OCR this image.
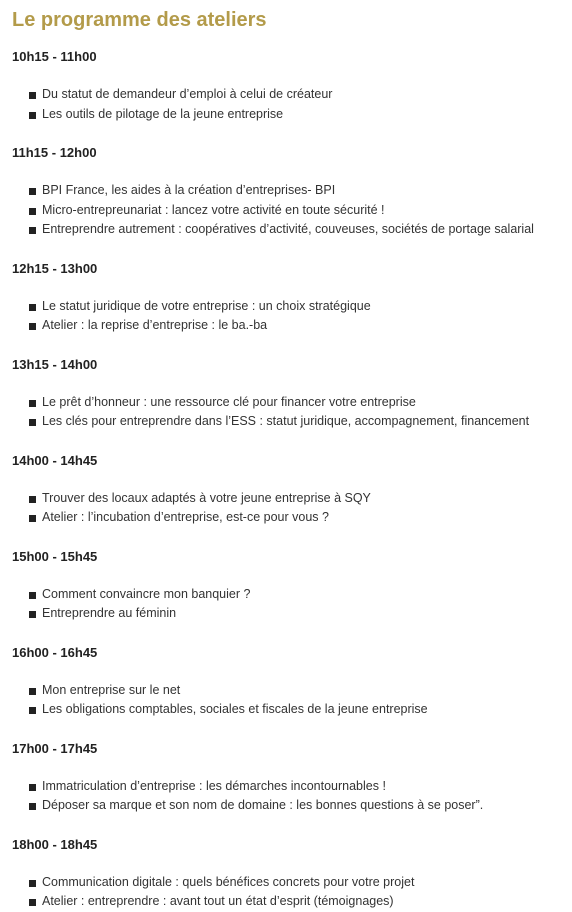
Le programme des ateliers
10h15 - 11h00
Du statut de demandeur d’emploi à celui de créateur
Les outils de pilotage de la jeune entreprise
11h15 - 12h00
BPI France, les aides à la création d’entreprises- BPI
Micro-entrepreunariat : lancez votre activité en toute sécurité !
Entreprendre autrement : coopératives d’activité, couveuses, sociétés de portage salarial
12h15 - 13h00
Le statut juridique de votre entreprise : un choix stratégique
Atelier : la reprise d’entreprise : le ba.-ba
13h15 - 14h00
Le prêt d’honneur : une ressource clé pour financer votre entreprise
Les clés pour entreprendre dans l’ESS : statut juridique, accompagnement, financement
14h00 - 14h45
Trouver des locaux adaptés à votre jeune entreprise à SQY
Atelier : l’incubation d’entreprise, est-ce pour vous ?
15h00 - 15h45
Comment convaincre mon banquier ?
Entreprendre au féminin
16h00 - 16h45
Mon entreprise sur le net
Les obligations comptables, sociales et fiscales de la jeune entreprise
17h00 - 17h45
Immatriculation d’entreprise : les démarches incontournables !
Déposer sa marque et son nom de domaine : les bonnes questions à se poser”.
18h00 - 18h45
Communication digitale : quels bénéfices concrets pour votre projet
Atelier : entreprendre : avant tout un état d’esprit (témoignages)
